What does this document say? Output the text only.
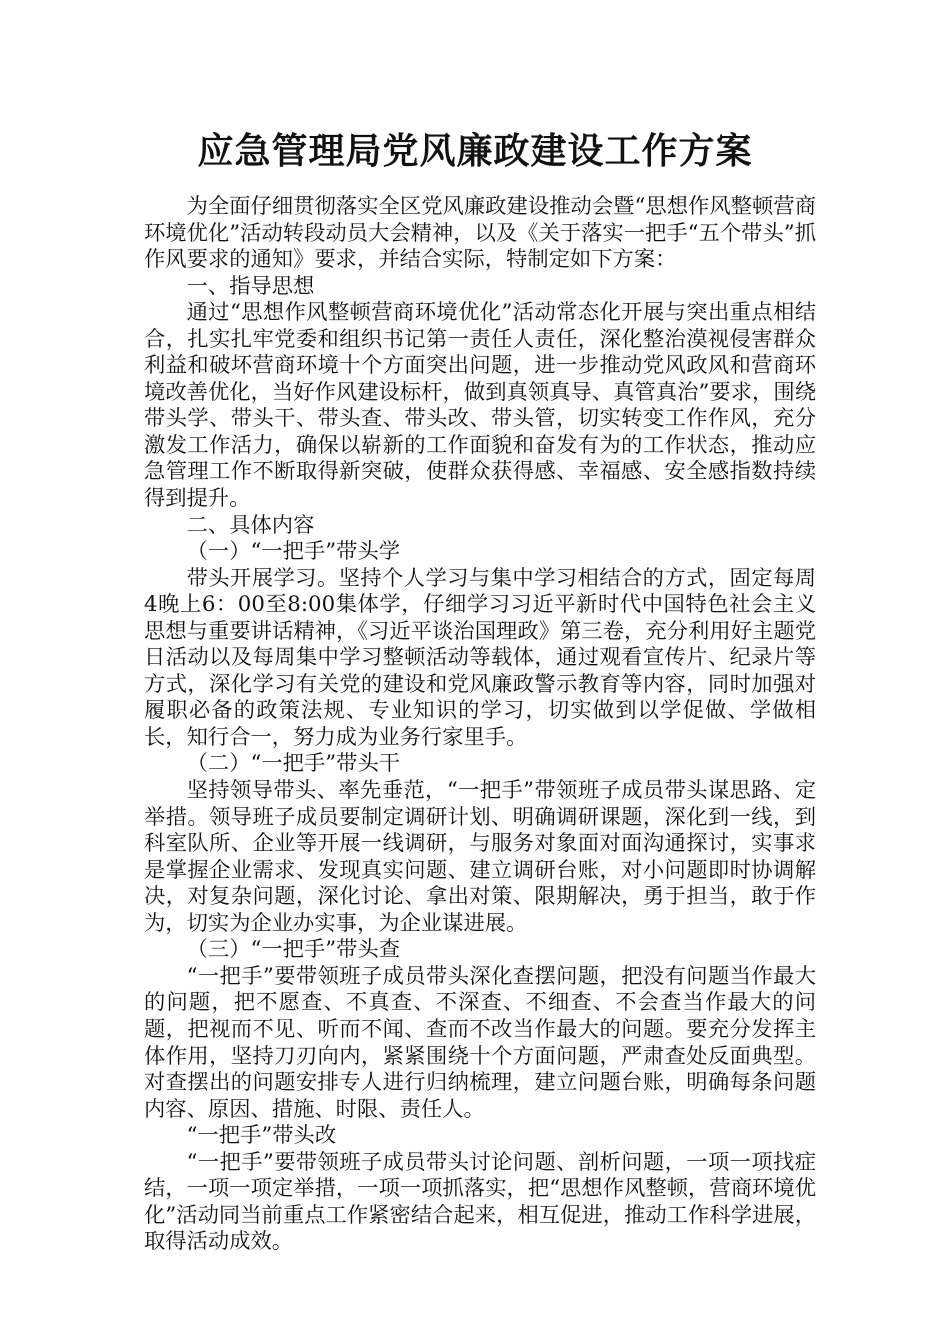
应急管理局党风廉政建设工作方案

为全面仔细贯彻落实全区党风廉政建设推动会暨“思想作风整顿营商环境优化”活动转段动员大会精神，以及《关于落实一把手“五个带头”抓作风要求的通知》要求，并结合实际，特制定如下方案：

一、指导思想

通过“思想作风整顿营商环境优化”活动常态化开展与突出重点相结合，扎实扎牢党委和组织书记第一责任人责任，深化整治漠视侵害群众利益和破坏营商环境十个方面突出问题，进一步推动党风政风和营商环境改善优化，当好作风建设标杆，做到真领真导、真管真治”要求，围绕带头学、带头干、带头查、带头改、带头管，切实转变工作作风，充分激发工作活力，确保以崭新的工作面貌和奋发有为的工作状态，推动应急管理工作不断取得新突破，使群众获得感、幸福感、安全感指数持续得到提升。

二、具体内容

（一）“一把手”带头学

带头开展学习。坚持个人学习与集中学习相结合的方式，固定每周4晚上6：00至8:00集体学，仔细学习习近平新时代中国特色社会主义思想与重要讲话精神，《习近平谈治国理政》第三卷，充分利用好主题党日活动以及每周集中学习整顿活动等载体，通过观看宣传片、纪录片等方式，深化学习有关党的建设和党风廉政警示教育等内容，同时加强对履职必备的政策法规、专业知识的学习，切实做到以学促做、学做相长，知行合一，努力成为业务行家里手。

（二）“一把手”带头干

坚持领导带头、率先垂范，“一把手”带领班子成员带头谋思路、定举措。领导班子成员要制定调研计划、明确调研课题，深化到一线，到科室队所、企业等开展一线调研，与服务对象面对面沟通探讨，实事求是掌握企业需求、发现真实问题、建立调研台账，对小问题即时协调解决，对复杂问题，深化讨论、拿出对策、限期解决，勇于担当，敢于作为，切实为企业办实事，为企业谋进展。

（三）“一把手”带头查

“一把手”要带领班子成员带头深化查摆问题，把没有问题当作最大的问题，把不愿查、不真查、不深查、不细查、不会查当作最大的问题，把视而不见、听而不闻、查而不改当作最大的问题。要充分发挥主体作用，坚持刀刃向内，紧紧围绕十个方面问题，严肃查处反面典型。对查摆出的问题安排专人进行归纳梳理，建立问题台账，明确每条问题内容、原因、措施、时限、责任人。

“一把手”带头改

“一把手”要带领班子成员带头讨论问题、剖析问题，一项一项找症结，一项一项定举措，一项一项抓落实，把“思想作风整顿，营商环境优化”活动同当前重点工作紧密结合起来，相互促进，推动工作科学进展，取得活动成效。
